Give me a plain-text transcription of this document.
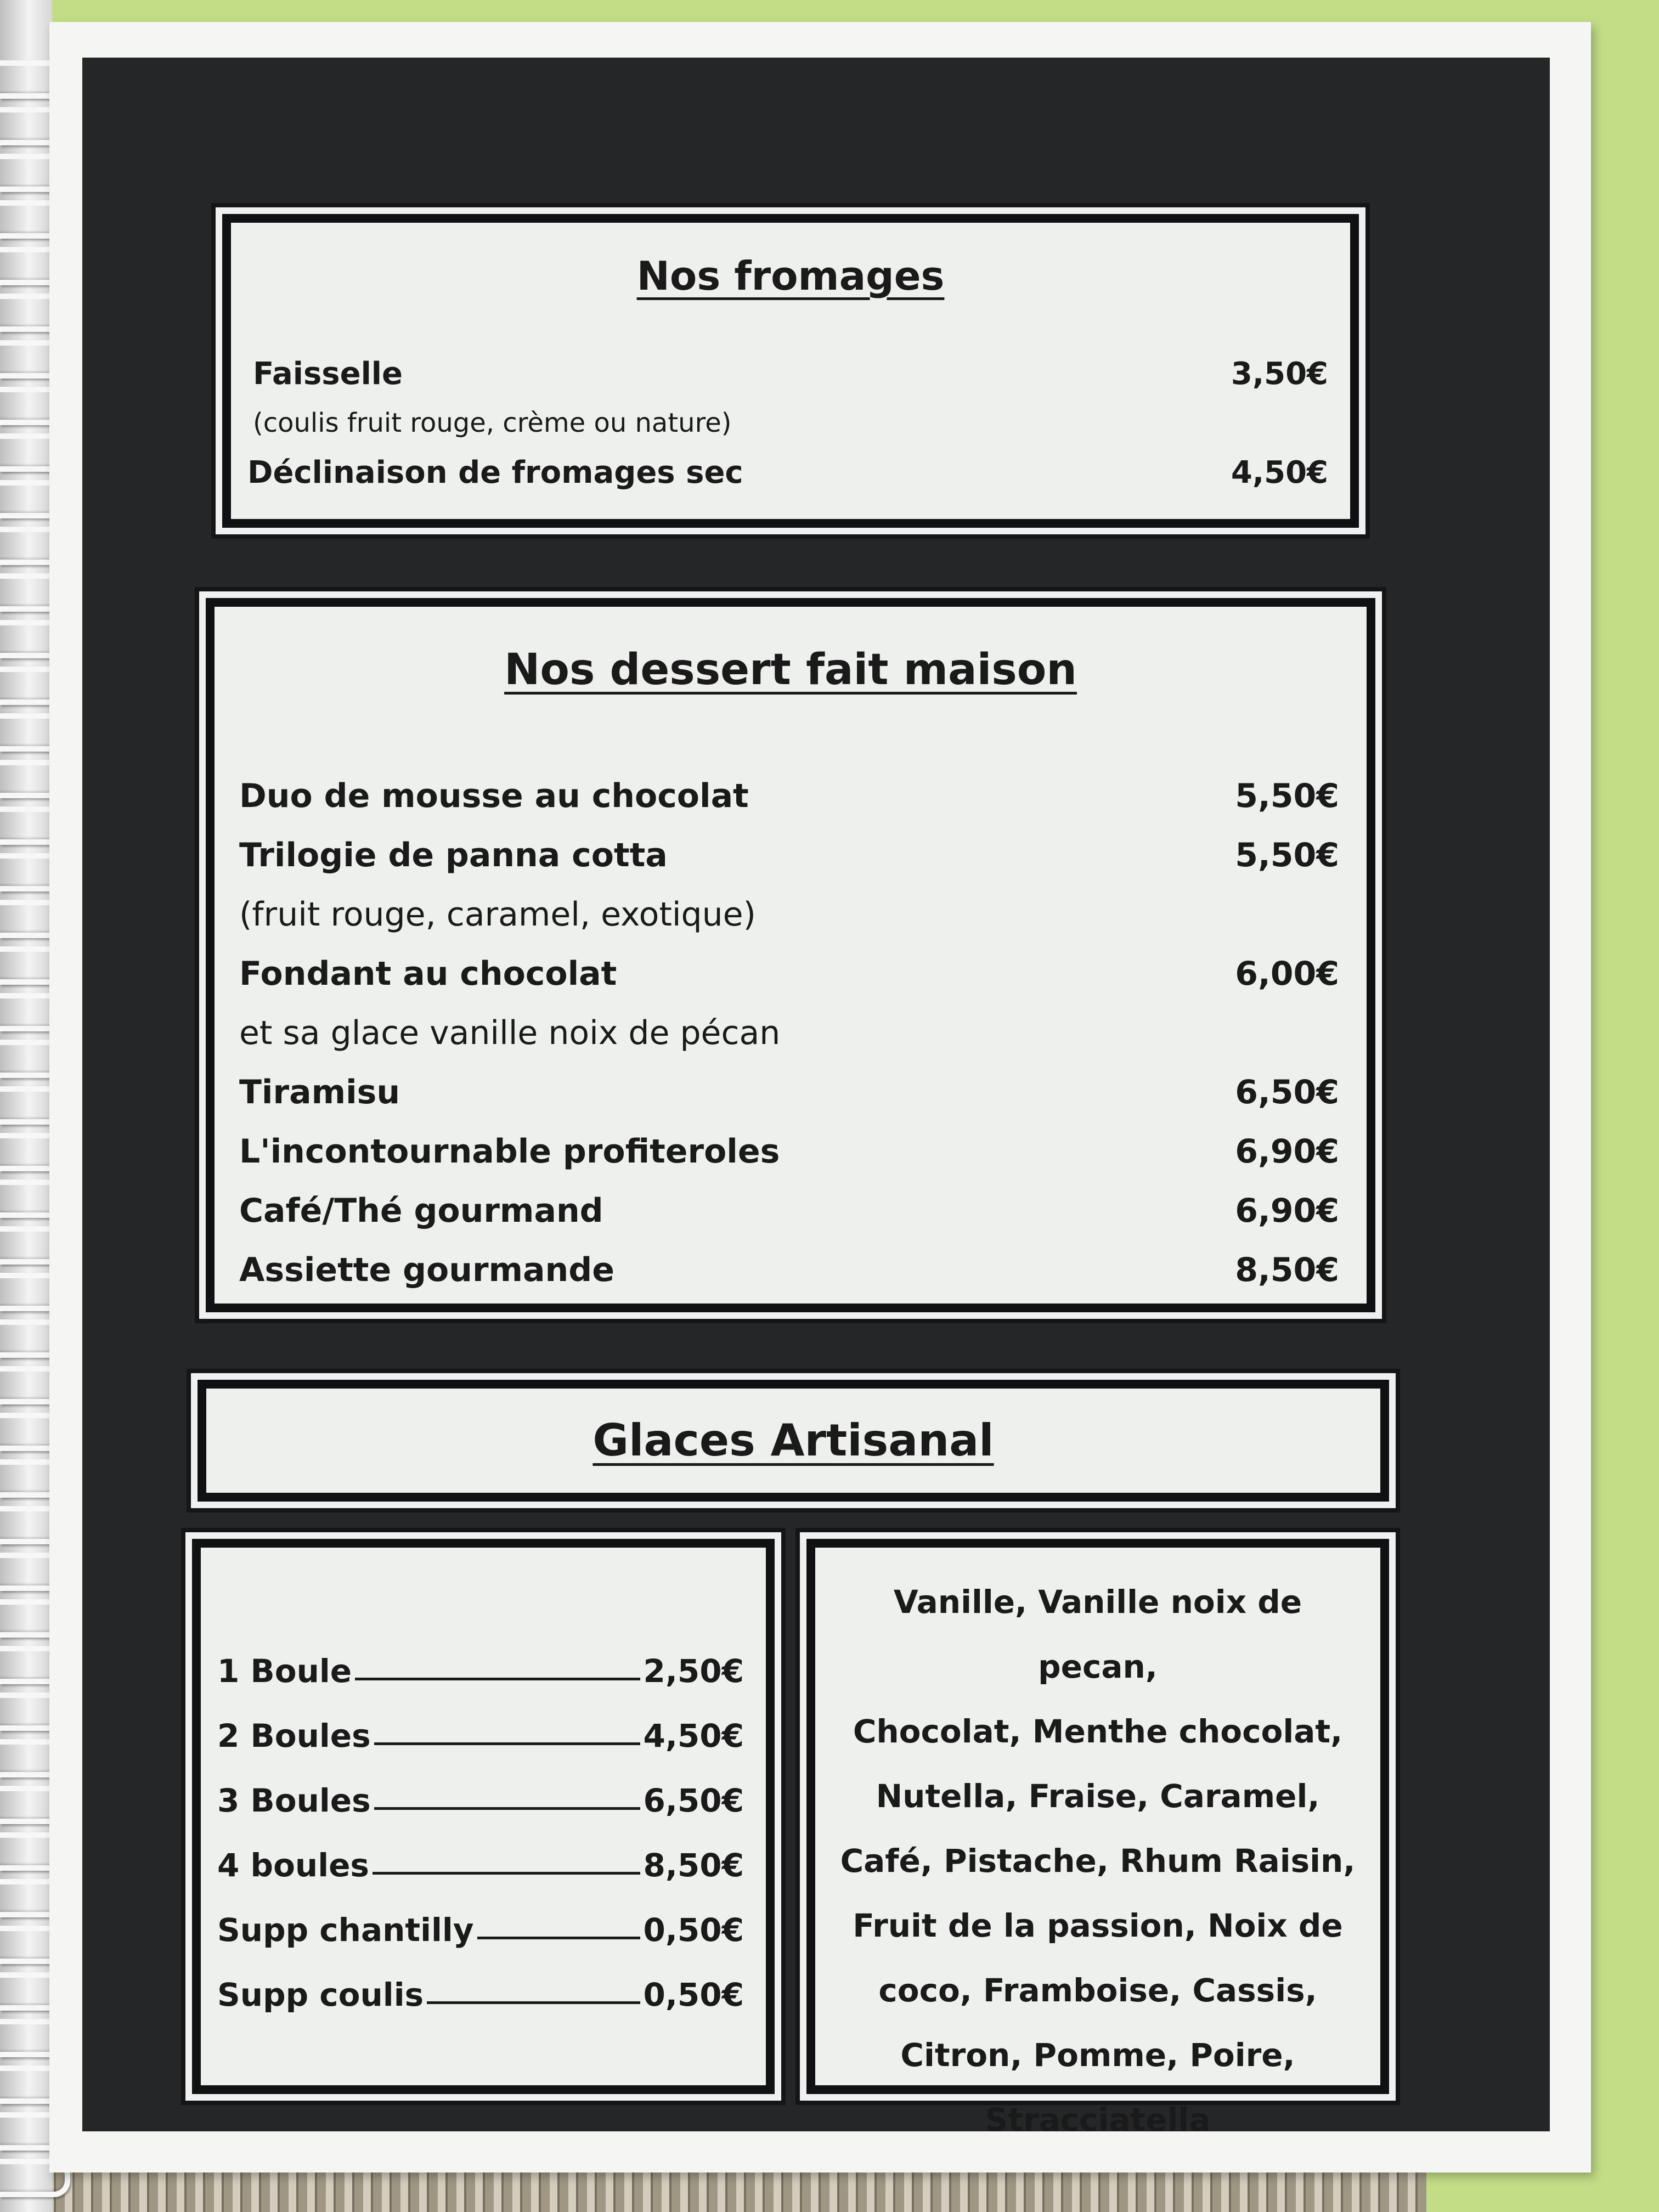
Nos fromages
Faisselle	3,50€
(coulis fruit rouge, crème ou nature)
Déclinaison de fromages sec	4,50€
Nos dessert fait maison
Duo de mousse au chocolat	5,50€
Trilogie de panna cotta	5,50€
(fruit rouge, caramel, exotique)
Fondant au chocolat	6,00€
et sa glace vanille noix de pécan
Tiramisu	6,50€
L'incontournable profiteroles	6,90€
Café/Thé gourmand	6,90€
Assiette gourmande	8,50€
Glaces Artisanal
1 Boule	2,50€
2 Boules	4,50€
3 Boules	6,50€
4 boules	8,50€
Supp chantilly	0,50€
Supp coulis	0,50€
Vanille, Vanille noix de pecan,
Chocolat, Menthe chocolat,
Nutella, Fraise, Caramel,
Café, Pistache, Rhum Raisin,
Fruit de la passion, Noix de
coco, Framboise, Cassis,
Citron, Pomme, Poire,
Stracciatella
